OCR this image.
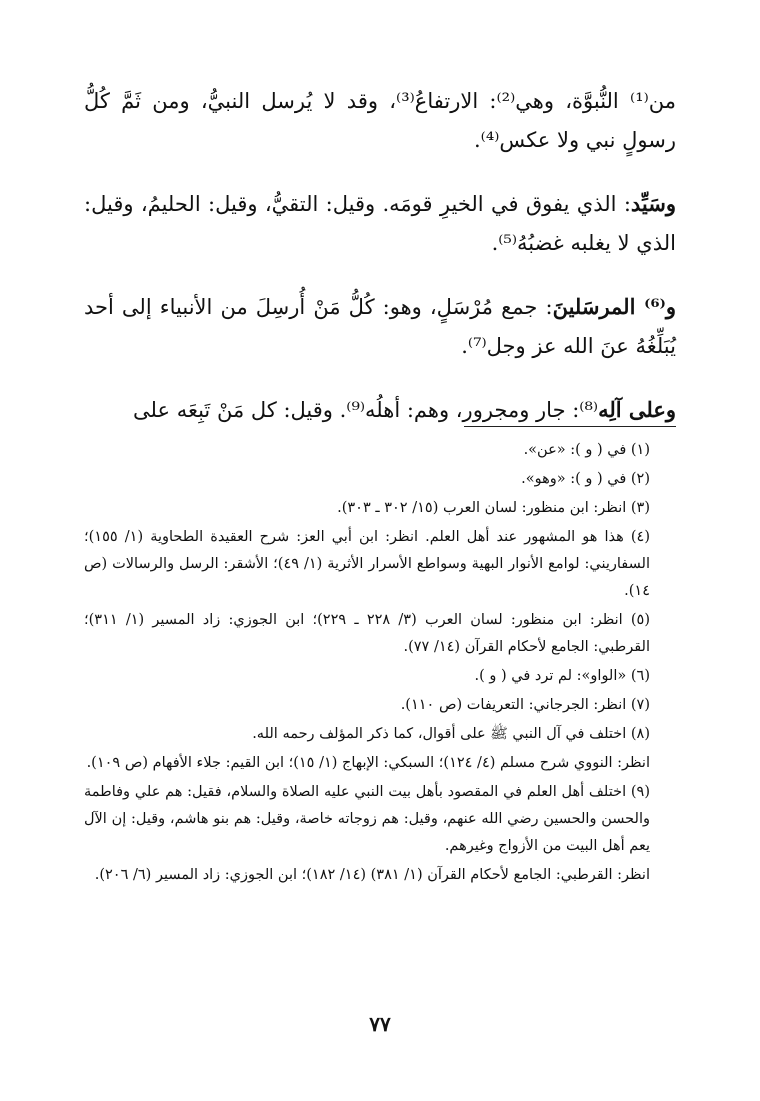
من⁽¹⁾ النُّبوَّة، وهي⁽²⁾: الارتفاعُ⁽³⁾، وقد لا يُرسل النبيُّ، ومن ثَمَّ كُلُّ رسولٍ نبي ولا عكس⁽⁴⁾.

وسَيِّد: الذي يفوق في الخيرِ قومَه. وقيل: التقيُّ، وقيل: الحليمُ، وقيل: الذي لا يغلبه غضبُهُ⁽⁵⁾.

و⁽⁶⁾ المرسَلينَ: جمع مُرْسَلٍ، وهو: كُلُّ مَنْ أُرسِلَ من الأنبياء إلى أحد يُبَلِّغُهُ عنَ الله عز وجل⁽⁷⁾.

وعلى آلِه⁽⁸⁾: جار ومجرور، وهم: أهلُه⁽⁹⁾. وقيل: كل مَنْ تَبِعَه على

(١) في ( و ): «عن».

(٢) في ( و ): «وهو».

(٣) انظر: ابن منظور: لسان العرب (١٥/ ٣٠٢ ـ ٣٠٣).

(٤) هذا هو المشهور عند أهل العلم. انظر: ابن أبي العز: شرح العقيدة الطحاوية (١/ ١٥٥)؛ السفاريني: لوامع الأنوار البهية وسواطع الأسرار الأثرية (١/ ٤٩)؛ الأشقر: الرسل والرسالات (ص ١٤).

(٥) انظر: ابن منظور: لسان العرب (٣/ ٢٢٨ ـ ٢٢٩)؛ ابن الجوزي: زاد المسير (١/ ٣١١)؛ القرطبي: الجامع لأحكام القرآن (١٤/ ٧٧).

(٦) «الواو»: لم ترد في ( و ).

(٧) انظر: الجرجاني: التعريفات (ص ١١٠).

(٨) اختلف في آل النبي ﷺ على أقوال، كما ذكر المؤلف رحمه الله.

انظر: النووي شرح مسلم (٤/ ١٢٤)؛ السبكي: الإبهاج (١/ ١٥)؛ ابن القيم: جلاء الأفهام (ص ١٠٩).

(٩) اختلف أهل العلم في المقصود بأهل بيت النبي عليه الصلاة والسلام، فقيل: هم علي وفاطمة والحسن والحسين رضي الله عنهم، وقيل: هم زوجاته خاصة، وقيل: هم بنو هاشم، وقيل: إن الآل يعم أهل البيت من الأزواج وغيرهم.

انظر: القرطبي: الجامع لأحكام القرآن (١/ ٣٨١) (١٤/ ١٨٢)؛ ابن الجوزي: زاد المسير (٦/ ٢٠٦).

٧٧
